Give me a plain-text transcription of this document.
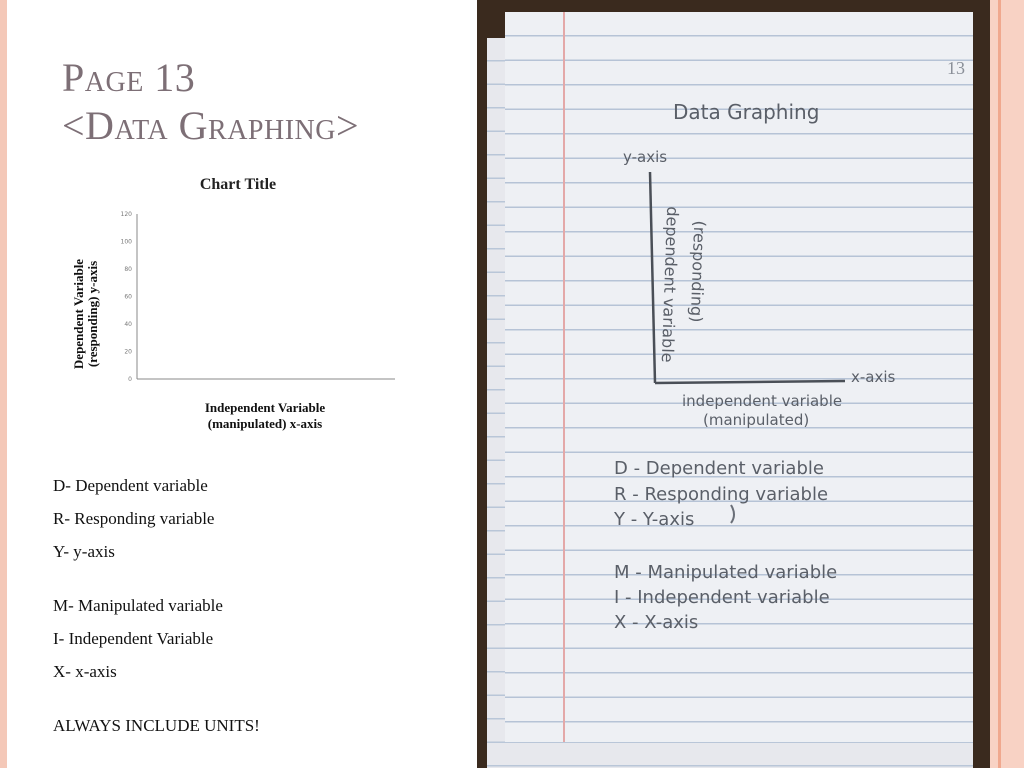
Page 13
<Data Graphing>
Chart Title
0
20
40
60
80
100
120
Dependent Variable
(responding) y-axis
Independent Variable
(manipulated) x-axis
D- Dependent variable
R- Responding variable
Y- y-axis
M- Manipulated variable
I- Independent Variable
X- x-axis
ALWAYS INCLUDE UNITS!
13
Data Graphing
y-axis
x-axis
dependent variable (responding)
independent variable
(manipulated)
D - Dependent variable
R - Responding variable
Y - Y-axis
M - Manipulated variable
I - Independent variable
X - X-axis
